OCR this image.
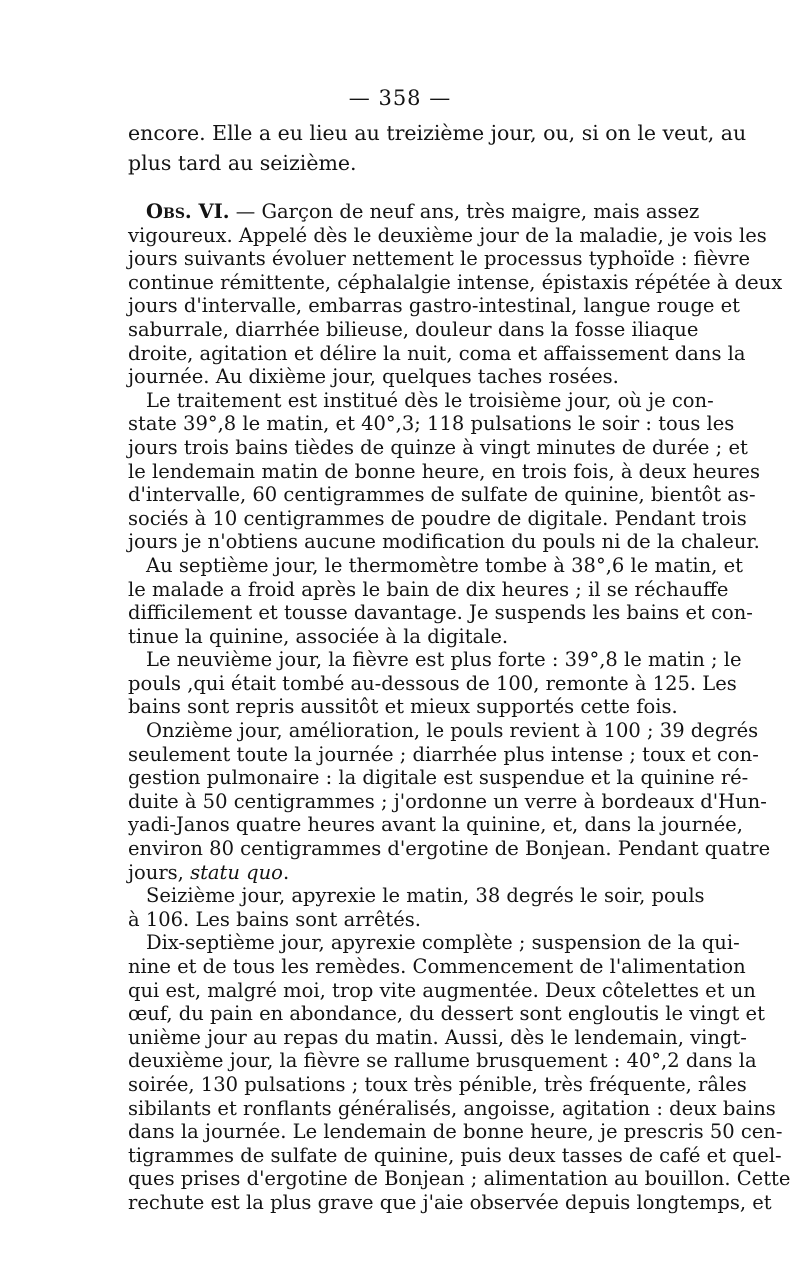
— 358 —

encore. Elle a eu lieu au treizième jour, ou, si on le veut, au
plus tard au seizième.

Obs. VI. — Garçon de neuf ans, très maigre, mais assez
vigoureux. Appelé dès le deuxième jour de la maladie, je vois les
jours suivants évoluer nettement le processus typhoïde : fièvre
continue rémittente, céphalalgie intense, épistaxis répétée à deux
jours d'intervalle, embarras gastro-intestinal, langue rouge et
saburrale, diarrhée bilieuse, douleur dans la fosse iliaque
droite, agitation et délire la nuit, coma et affaissement dans la
journée. Au dixième jour, quelques taches rosées.

Le traitement est institué dès le troisième jour, où je con-
state 39°,8 le matin, et 40°,3; 118 pulsations le soir : tous les
jours trois bains tièdes de quinze à vingt minutes de durée ; et
le lendemain matin de bonne heure, en trois fois, à deux heures
d'intervalle, 60 centigrammes de sulfate de quinine, bientôt as-
sociés à 10 centigrammes de poudre de digitale. Pendant trois
jours je n'obtiens aucune modification du pouls ni de la chaleur.

Au septième jour, le thermomètre tombe à 38°,6 le matin, et
le malade a froid après le bain de dix heures ; il se réchauffe
difficilement et tousse davantage. Je suspends les bains et con-
tinue la quinine, associée à la digitale.

Le neuvième jour, la fièvre est plus forte : 39°,8 le matin ; le
pouls ,qui était tombé au-dessous de 100, remonte à 125. Les
bains sont repris aussitôt et mieux supportés cette fois.

Onzième jour, amélioration, le pouls revient à 100 ; 39 degrés
seulement toute la journée ; diarrhée plus intense ; toux et con-
gestion pulmonaire : la digitale est suspendue et la quinine ré-
duite à 50 centigrammes ; j'ordonne un verre à bordeaux d'Hun-
yadi-Janos quatre heures avant la quinine, et, dans la journée,
environ 80 centigrammes d'ergotine de Bonjean. Pendant quatre
jours, statu quo.

Seizième jour, apyrexie le matin, 38 degrés le soir, pouls
à 106. Les bains sont arrêtés.

Dix-septième jour, apyrexie complète ; suspension de la qui-
nine et de tous les remèdes. Commencement de l'alimentation
qui est, malgré moi, trop vite augmentée. Deux côtelettes et un
œuf, du pain en abondance, du dessert sont engloutis le vingt et
unième jour au repas du matin. Aussi, dès le lendemain, vingt-
deuxième jour, la fièvre se rallume brusquement : 40°,2 dans la
soirée, 130 pulsations ; toux très pénible, très fréquente, râles
sibilants et ronflants généralisés, angoisse, agitation : deux bains
dans la journée. Le lendemain de bonne heure, je prescris 50 cen-
tigrammes de sulfate de quinine, puis deux tasses de café et quel-
ques prises d'ergotine de Bonjean ; alimentation au bouillon. Cette
rechute est la plus grave que j'aie observée depuis longtemps, et
